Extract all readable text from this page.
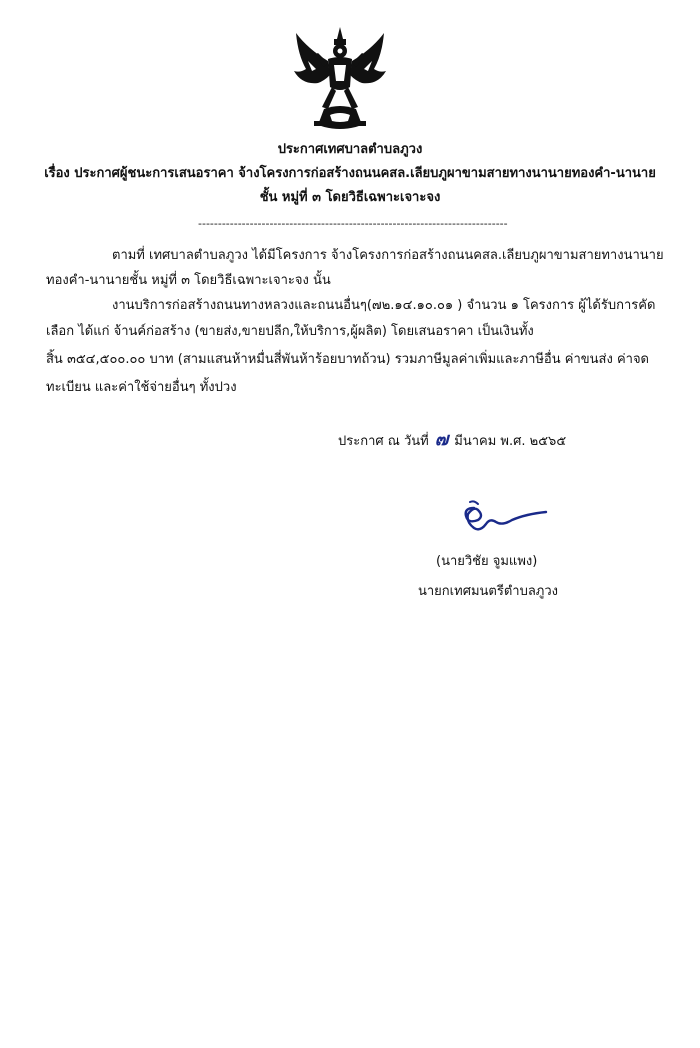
ประกาศเทศบาลตำบลภูวง
เรื่อง ประกาศผู้ชนะการเสนอราคา จ้างโครงการก่อสร้างถนนคสล.เลียบภูผาขามสายทางนานายทองคำ-นานาย
ชั้น หมู่ที่ ๓ โดยวิธีเฉพาะเจาะจง
------------------------------------------------------------------------------
ตามที่ เทศบาลตำบลภูวง ได้มีโครงการ จ้างโครงการก่อสร้างถนนคสล.เลียบภูผาขามสายทางนานาย
ทองคำ-นานายชั้น หมู่ที่ ๓ โดยวิธีเฉพาะเจาะจง นั้น
งานบริการก่อสร้างถนนทางหลวงและถนนอื่นๆ(๗๒.๑๔.๑๐.๐๑ ) จำนวน ๑ โครงการ ผู้ได้รับการคัด
เลือก ได้แก่ จ้านค์ก่อสร้าง (ขายส่ง,ขายปลีก,ให้บริการ,ผู้ผลิต) โดยเสนอราคา เป็นเงินทั้ง
สิ้น ๓๕๔,๕๐๐.๐๐ บาท (สามแสนห้าหมื่นสี่พันห้าร้อยบาทถ้วน) รวมภาษีมูลค่าเพิ่มและภาษีอื่น ค่าขนส่ง ค่าจด
ทะเบียน และค่าใช้จ่ายอื่นๆ ทั้งปวง
ประกาศ ณ วันที่ ๗ มีนาคม พ.ศ. ๒๕๖๕
(นายวิชัย จูมแพง)
นายกเทศมนตรีตำบลภูวง
